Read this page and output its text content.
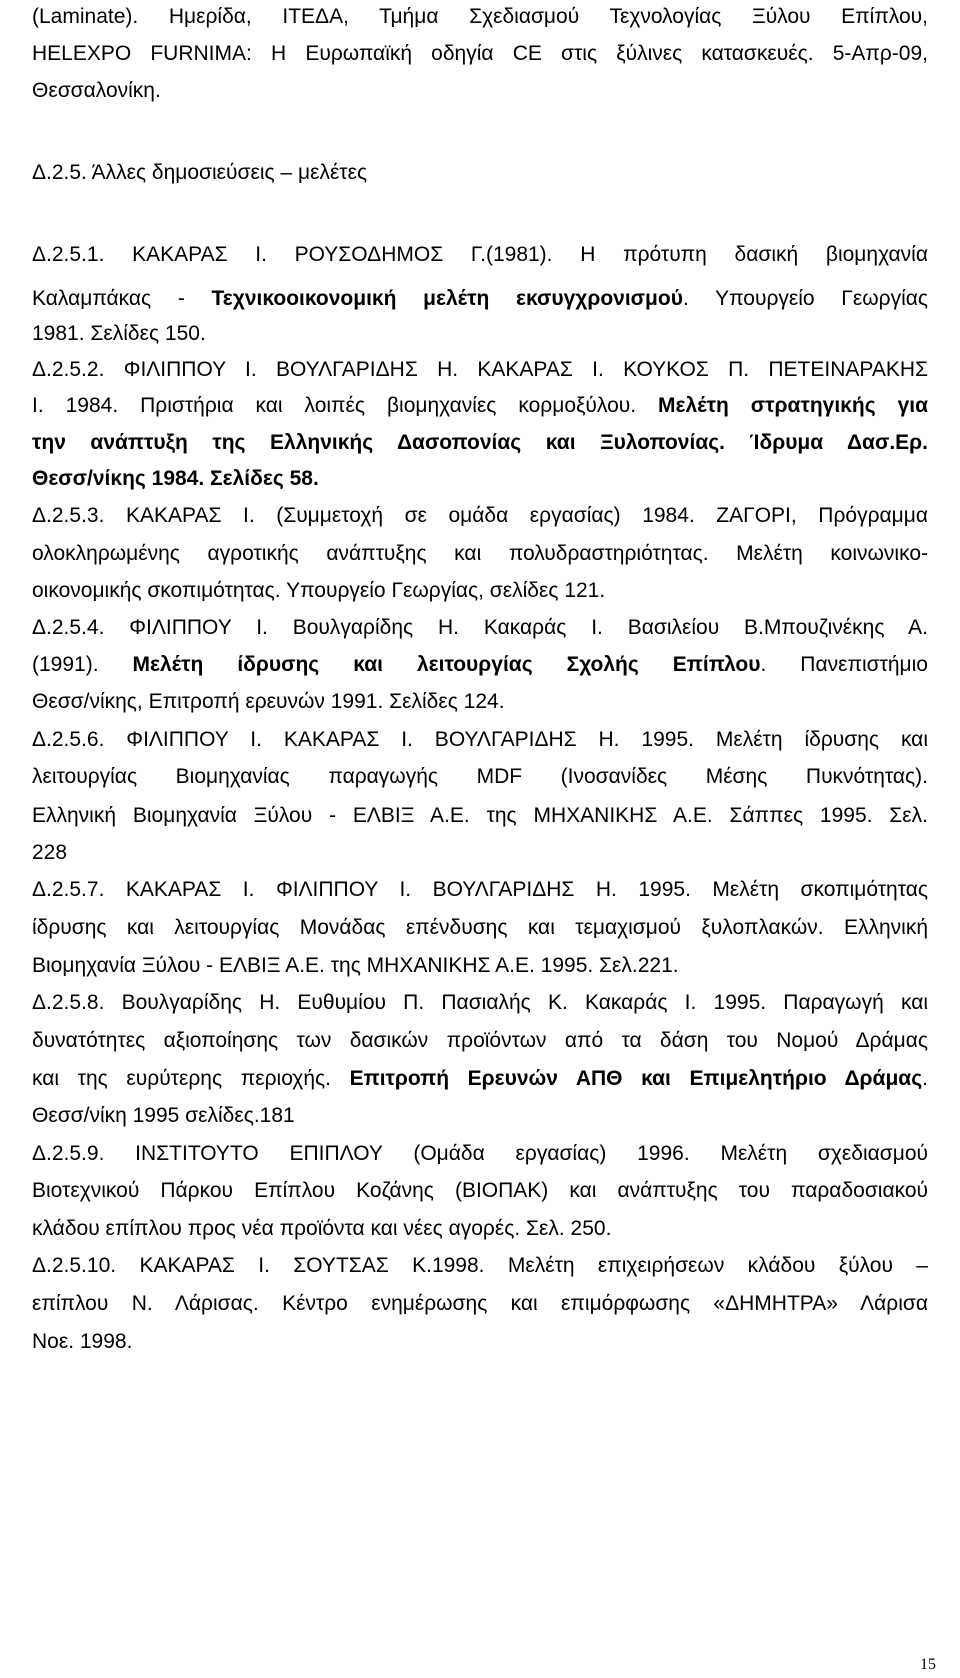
(Laminate). Ημερίδα, ΙΤΕΔΑ, Τμήμα Σχεδιασμού Τεχνολογίας Ξύλου Επίπλου,
HELEXPO FURNIMA: Η Ευρωπαϊκή οδηγία CE στις ξύλινες κατασκευές. 5-Απρ-09,
Θεσσαλονίκη.
Δ.2.5. Άλλες δημοσιεύσεις – μελέτες
Δ.2.5.1. ΚΑΚΑΡΑΣ Ι. ΡΟΥΣΟΔΗΜΟΣ Γ.(1981). Η πρότυπη δασική βιομηχανία
Καλαμπάκας - Τεχνικοοικονομική μελέτη εκσυγχρονισμού. Υπουργείο Γεωργίας
1981. Σελίδες 150.
Δ.2.5.2. ΦΙΛΙΠΠΟΥ Ι. ΒΟΥΛΓΑΡΙΔΗΣ Η. ΚΑΚΑΡΑΣ Ι. ΚΟΥΚΟΣ Π. ΠΕΤΕΙΝΑΡΑΚΗΣ
Ι. 1984. Πριστήρια και λοιπές βιομηχανίες κορμοξύλου. Μελέτη στρατηγικής για
την ανάπτυξη της Ελληνικής Δασοπονίας και Ξυλοπονίας. Ίδρυμα Δασ.Ερ.
Θεσσ/νίκης 1984. Σελίδες 58.
Δ.2.5.3. ΚΑΚΑΡΑΣ Ι. (Συμμετοχή σε ομάδα εργασίας) 1984. ΖΑΓΟΡΙ, Πρόγραμμα
ολοκληρωμένης αγροτικής ανάπτυξης και πολυδραστηριότητας. Μελέτη κοινωνικο-
οικονομικής σκοπιμότητας. Υπουργείο Γεωργίας, σελίδες 121.
Δ.2.5.4. ΦΙΛΙΠΠΟΥ Ι. Βουλγαρίδης Η. Κακαράς Ι. Βασιλείου Β.Μπουζινέκης Α.
(1991). Μελέτη ίδρυσης και λειτουργίας Σχολής Επίπλου. Πανεπιστήμιο
Θεσσ/νίκης, Επιτροπή ερευνών 1991. Σελίδες 124.
Δ.2.5.6. ΦΙΛΙΠΠΟΥ Ι. ΚΑΚΑΡΑΣ Ι. ΒΟΥΛΓΑΡΙΔΗΣ Η. 1995. Μελέτη ίδρυσης και
λειτουργίας Βιομηχανίας παραγωγής MDF (Ινοσανίδες Μέσης Πυκνότητας).
Ελληνική Βιομηχανία Ξύλου - ΕΛΒΙΞ Α.Ε. της ΜΗΧΑΝΙΚΗΣ Α.Ε. Σάππες 1995. Σελ.
228
Δ.2.5.7. ΚΑΚΑΡΑΣ Ι. ΦΙΛΙΠΠΟΥ Ι. ΒΟΥΛΓΑΡΙΔΗΣ Η. 1995. Μελέτη σκοπιμότητας
ίδρυσης και λειτουργίας Μονάδας επένδυσης και τεμαχισμού ξυλοπλακών. Ελληνική
Βιομηχανία Ξύλου - ΕΛΒΙΞ Α.Ε. της ΜΗΧΑΝΙΚΗΣ Α.Ε. 1995. Σελ.221.
Δ.2.5.8. Βουλγαρίδης Η. Ευθυμίου Π. Πασιαλής Κ. Κακαράς Ι. 1995. Παραγωγή και
δυνατότητες αξιοποίησης των δασικών προϊόντων από τα δάση του Νομού Δράμας
και της ευρύτερης περιοχής. Επιτροπή Ερευνών ΑΠΘ και Επιμελητήριο Δράμας.
Θεσσ/νίκη 1995 σελίδες.181
Δ.2.5.9. ΙΝΣΤΙΤΟΥΤΟ ΕΠΙΠΛΟΥ (Ομάδα εργασίας) 1996. Μελέτη σχεδιασμού
Βιοτεχνικού Πάρκου Επίπλου Κοζάνης (ΒΙΟΠΑΚ) και ανάπτυξης του παραδοσιακού
κλάδου επίπλου προς νέα προϊόντα και νέες αγορές. Σελ. 250.
Δ.2.5.10. ΚΑΚΑΡΑΣ Ι. ΣΟΥΤΣΑΣ Κ.1998. Μελέτη επιχειρήσεων κλάδου ξύλου –
επίπλου Ν. Λάρισας. Κέντρο ενημέρωσης και επιμόρφωσης «ΔΗΜΗΤΡΑ» Λάρισα
Νοε. 1998.
15
